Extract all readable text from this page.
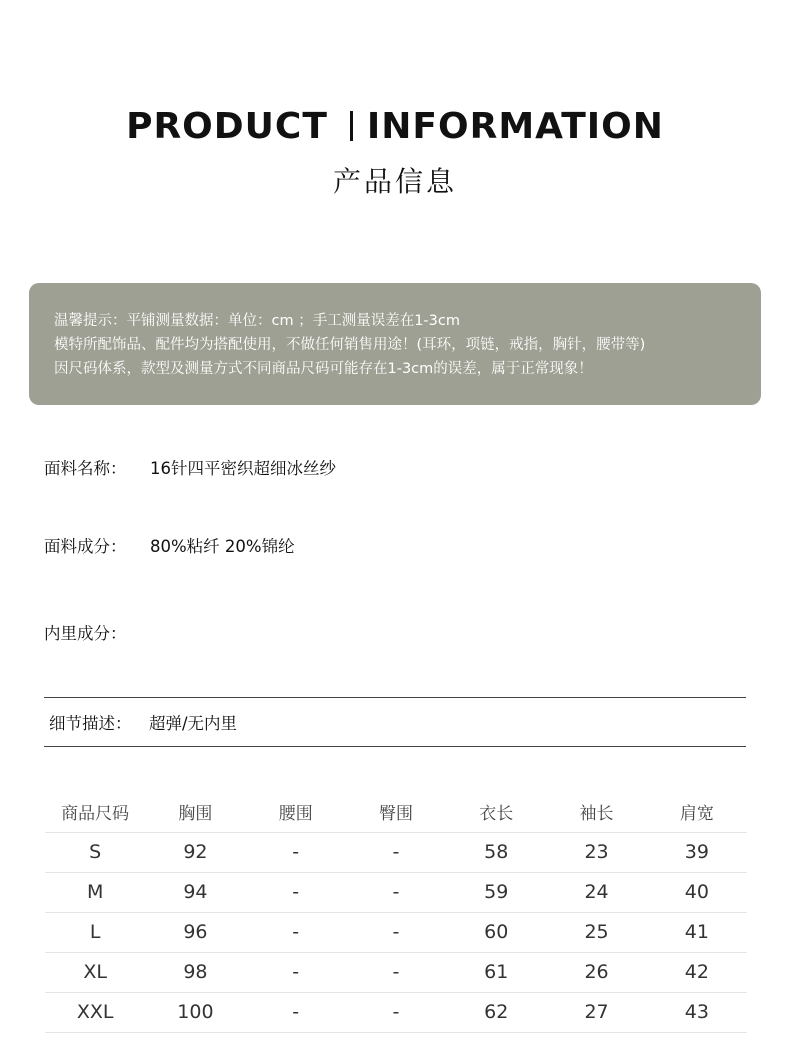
PRODUCT INFORMATION
产品信息
温馨提示：平铺测量数据：单位：cm ；手工测量误差在1-3cm
模特所配饰品、配件均为搭配使用，不做任何销售用途！(耳环，项链，戒指，胸针，腰带等)
因尺码体系，款型及测量方式不同商品尺码可能存在1-3cm的误差，属于正常现象！
面料名称： 16针四平密织超细冰丝纱
面料成分： 80%粘纤 20%锦纶
内里成分：
细节描述： 超弹/无内里
商品尺码	胸围	腰围	臀围	衣长	袖长	肩宽
S	92	-	-	58	23	39
M	94	-	-	59	24	40
L	96	-	-	60	25	41
XL	98	-	-	61	26	42
XXL	100	-	-	62	27	43
